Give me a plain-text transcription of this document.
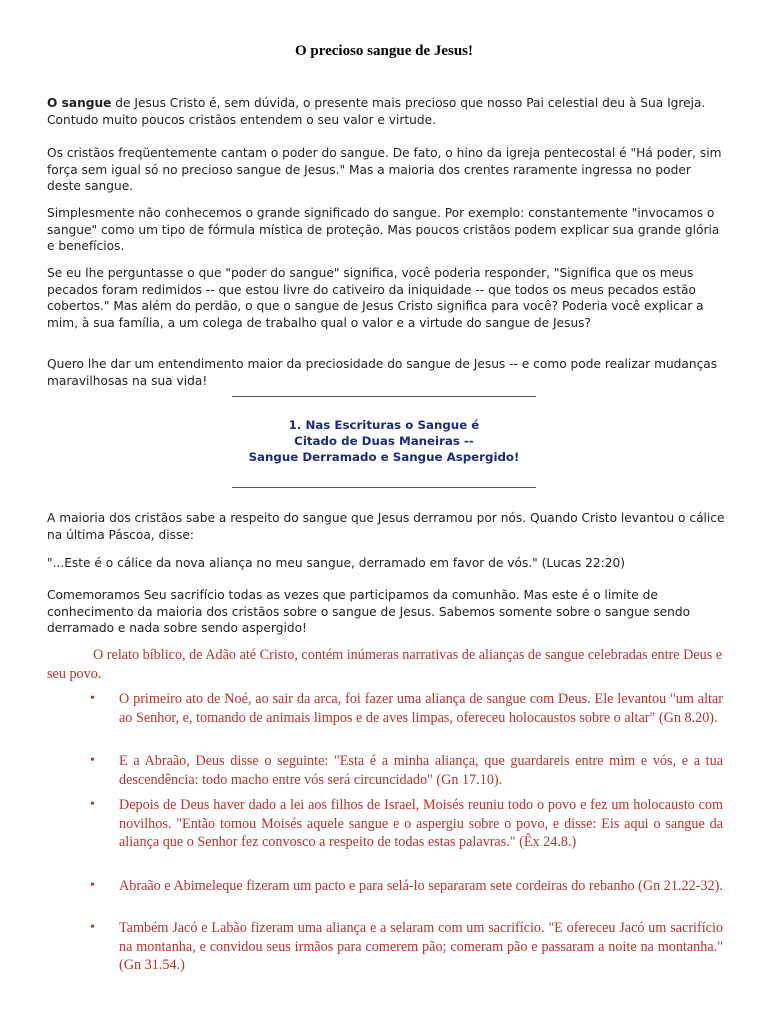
O precioso sangue de Jesus!

O sangue de Jesus Cristo é, sem dúvida, o presente mais precioso que nosso Pai celestial deu à Sua Igreja. Contudo muito poucos cristãos entendem o seu valor e virtude.

Os cristãos freqüentemente cantam o poder do sangue. De fato, o hino da igreja pentecostal é "Há poder, sim força sem igual só no precioso sangue de Jesus." Mas a maioria dos crentes raramente ingressa no poder deste sangue.

Simplesmente não conhecemos o grande significado do sangue. Por exemplo: constantemente "invocamos o sangue" como um tipo de fórmula mística de proteção. Mas poucos cristãos podem explicar sua grande glória e benefícios.

Se eu lhe perguntasse o que "poder do sangue" significa, você poderia responder, "Significa que os meus pecados foram redimidos -- que estou livre do cativeiro da iniquidade -- que todos os meus pecados estão cobertos." Mas além do perdão, o que o sangue de Jesus Cristo significa para você? Poderia você explicar a mim, à sua família, a um colega de trabalho qual o valor e a virtude do sangue de Jesus?

Quero lhe dar um entendimento maior da preciosidade do sangue de Jesus -- e como pode realizar mudanças maravilhosas na sua vida!

1. Nas Escrituras o Sangue é
Citado de Duas Maneiras --
Sangue Derramado e Sangue Aspergido!

A maioria dos cristãos sabe a respeito do sangue que Jesus derramou por nós. Quando Cristo levantou o cálice na última Páscoa, disse:

"...Este é o cálice da nova aliança no meu sangue, derramado em favor de vós." (Lucas 22:20)

Comemoramos Seu sacrifício todas as vezes que participamos da comunhão. Mas este é o limite de conhecimento da maioria dos cristãos sobre o sangue de Jesus. Sabemos somente sobre o sangue sendo derramado e nada sobre sendo aspergido!

O relato bíblico, de Adão até Cristo, contém inúmeras narrativas de alianças de sangue celebradas entre Deus e seu povo.

•	O primeiro ato de Noé, ao sair da arca, foi fazer uma aliança de sangue com Deus. Ele levantou "um altar ao Senhor, e, tomando de animais limpos e de aves limpas, ofereceu holocaustos sobre o altar" (Gn 8.20).

•	E a Abraão, Deus disse o seguinte: "Esta é a minha aliança, que guardareis entre mim e vós, e a tua descendência: todo macho entre vós será circuncidado" (Gn 17.10).

•	Depois de Deus haver dado a lei aos filhos de Israel, Moisés reuniu todo o povo e fez um holocausto com novilhos. "Então tomou Moisés aquele sangue e o aspergiu sobre o povo, e disse: Eis aqui o sangue da aliança que o Senhor fez convosco a respeito de todas estas palavras." (Êx 24.8.)

•	Abraão e Abimeleque fizeram um pacto e para selá-lo separaram sete cordeiras do rebanho (Gn 21.22-32).

•	Também Jacó e Labão fizeram uma aliança e a selaram com um sacrifício. "E ofereceu Jacó um sacrifício na montanha, e convidou seus irmãos para comerem pão; comeram pão e passaram a noite na montanha." (Gn 31.54.)
